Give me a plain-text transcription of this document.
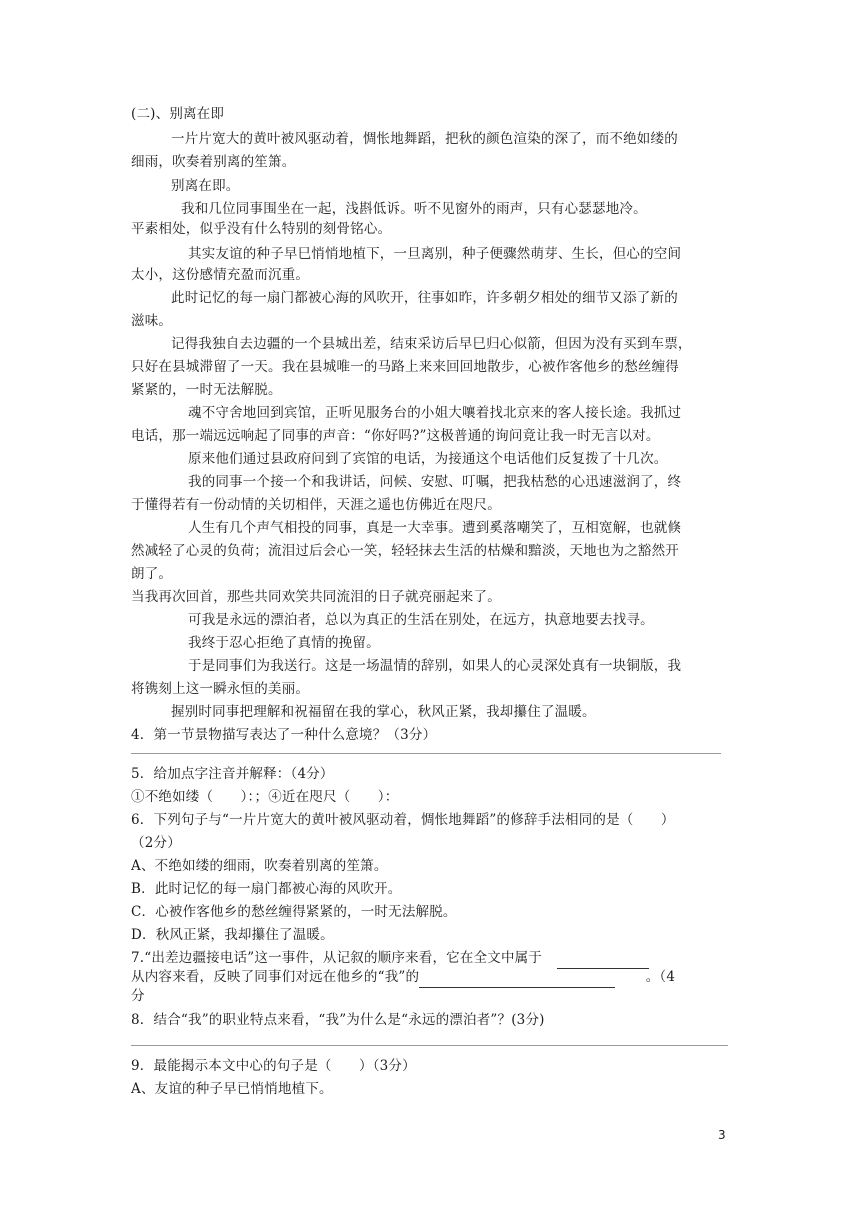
(二)、别离在即
一片片宽大的黄叶被风驱动着，惆怅地舞蹈，把秋的颜色渲染的深了，而不绝如缕的
细雨，吹奏着别离的笙箫。
别离在即。
我和几位同事围坐在一起，浅斟低诉。听不见窗外的雨声，只有心瑟瑟地冷。
平素相处，似乎没有什么特别的刻骨铭心。
其实友谊的种子早巳悄悄地植下，一旦离别，种子便骤然萌芽、生长，但心的空间
太小，这份感情充盈而沉重。
此时记忆的每一扇门都被心海的风吹开，往事如昨，许多朝夕相处的细节又添了新的
滋味。
记得我独自去边疆的一个县城出差，结束采访后早巳归心似箭，但因为没有买到车票，
只好在县城滞留了一天。我在县城唯一的马路上来来回回地散步，心被作客他乡的愁丝缠得
紧紧的，一时无法解脱。
魂不守舍地回到宾馆，正听见服务台的小姐大嚷着找北京来的客人接长途。我抓过
电话，那一端远远响起了同事的声音：“你好吗?”这极普通的询问竟让我一时无言以对。
原来他们通过县政府问到了宾馆的电话，为接通这个电话他们反复拨了十几次。
我的同事一个接一个和我讲话，问候、安慰、叮嘱，把我枯愁的心迅速滋润了，终
于懂得若有一份动情的关切相伴，天涯之遥也仿佛近在咫尺。
人生有几个声气相投的同事，真是一大幸事。遭到奚落嘲笑了，互相宽解，也就倏
然减轻了心灵的负荷；流泪过后会心一笑，轻轻抹去生活的枯燥和黯淡，天地也为之豁然开
朗了。
当我再次回首，那些共同欢笑共同流泪的日子就亮丽起来了。
可我是永远的漂泊者，总以为真正的生活在别处，在远方，执意地要去找寻。
我终于忍心拒绝了真情的挽留。
于是同事们为我送行。这是一场温情的辞别，如果人的心灵深处真有一块铜版，我
将镌刻上这一瞬永恒的美丽。
握别时同事把理解和祝福留在我的掌心，秋风正紧，我却攥住了温暖。
4．第一节景物描写表达了一种什么意境？（3分）
5．给加点字注音并解释：（4分）
①不绝如缕（　　）：；④近在咫尺（　　）：
6．下列句子与“一片片宽大的黄叶被风驱动着，惆怅地舞蹈”的修辞手法相同的是（　　）
（2分）
A、不绝如缕的细雨，吹奏着别离的笙箫。
B．此时记忆的每一扇门都被心海的风吹开。
C．心被作客他乡的愁丝缠得紧紧的，一时无法解脱。
D．秋风正紧，我却攥住了温暖。
7.“出差边疆接电话”这一事件，从记叙的顺序来看，它在全文中属于
从内容来看，反映了同事们对远在他乡的“我”的	。（4
分
8．结合“我”的职业特点来看，“我”为什么是“永远的漂泊者”？(3分)
9．最能揭示本文中心的句子是（　　）（3分）
A、友谊的种子早已悄悄地植下。
3
